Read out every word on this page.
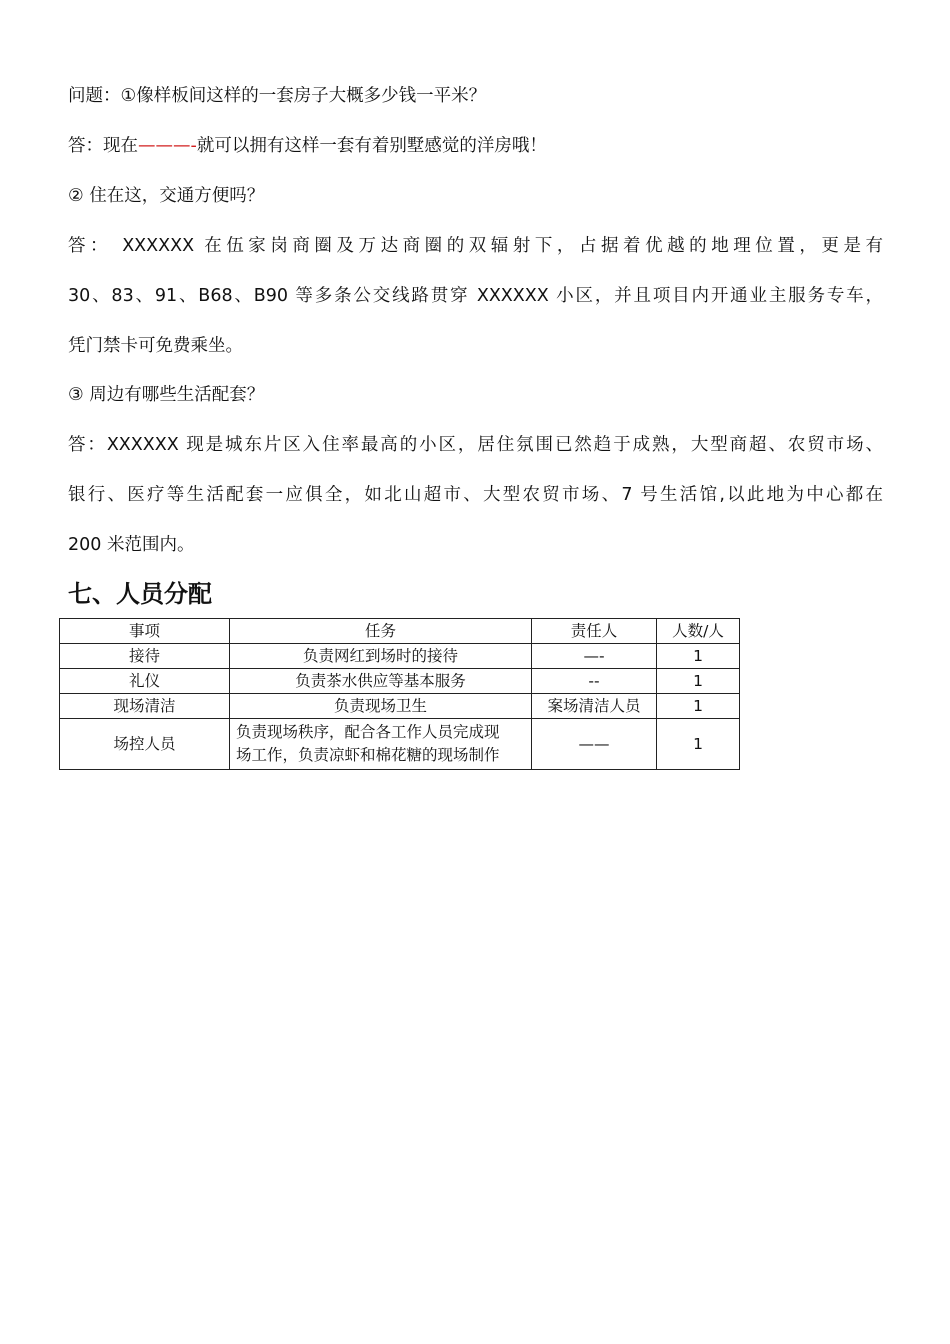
问题：①像样板间这样的一套房子大概多少钱一平米？
答：现在———-就可以拥有这样一套有着别墅感觉的洋房哦！
② 住在这，交通方便吗？
答： XXXXXX 在伍家岗商圈及万达商圈的双辐射下，占据着优越的地理位置，更是有
30、83、91、B68、B90 等多条公交线路贯穿 XXXXXX 小区，并且项目内开通业主服务专车，
凭门禁卡可免费乘坐。
③ 周边有哪些生活配套？
答：XXXXXX 现是城东片区入住率最高的小区，居住氛围已然趋于成熟，大型商超、农贸市场、
银行、医疗等生活配套一应俱全，如北山超市、大型农贸市场、7 号生活馆,以此地为中心都在
200 米范围内。
七、人员分配
事项	任务	责任人	人数/人
接待	负责网红到场时的接待	—-	1
礼仪	负责茶水供应等基本服务	--	1
现场清洁	负责现场卫生	案场清洁人员	1
场控人员	负责现场秩序，配合各工作人员完成现
场工作，负责凉虾和棉花糖的现场制作	——	1
